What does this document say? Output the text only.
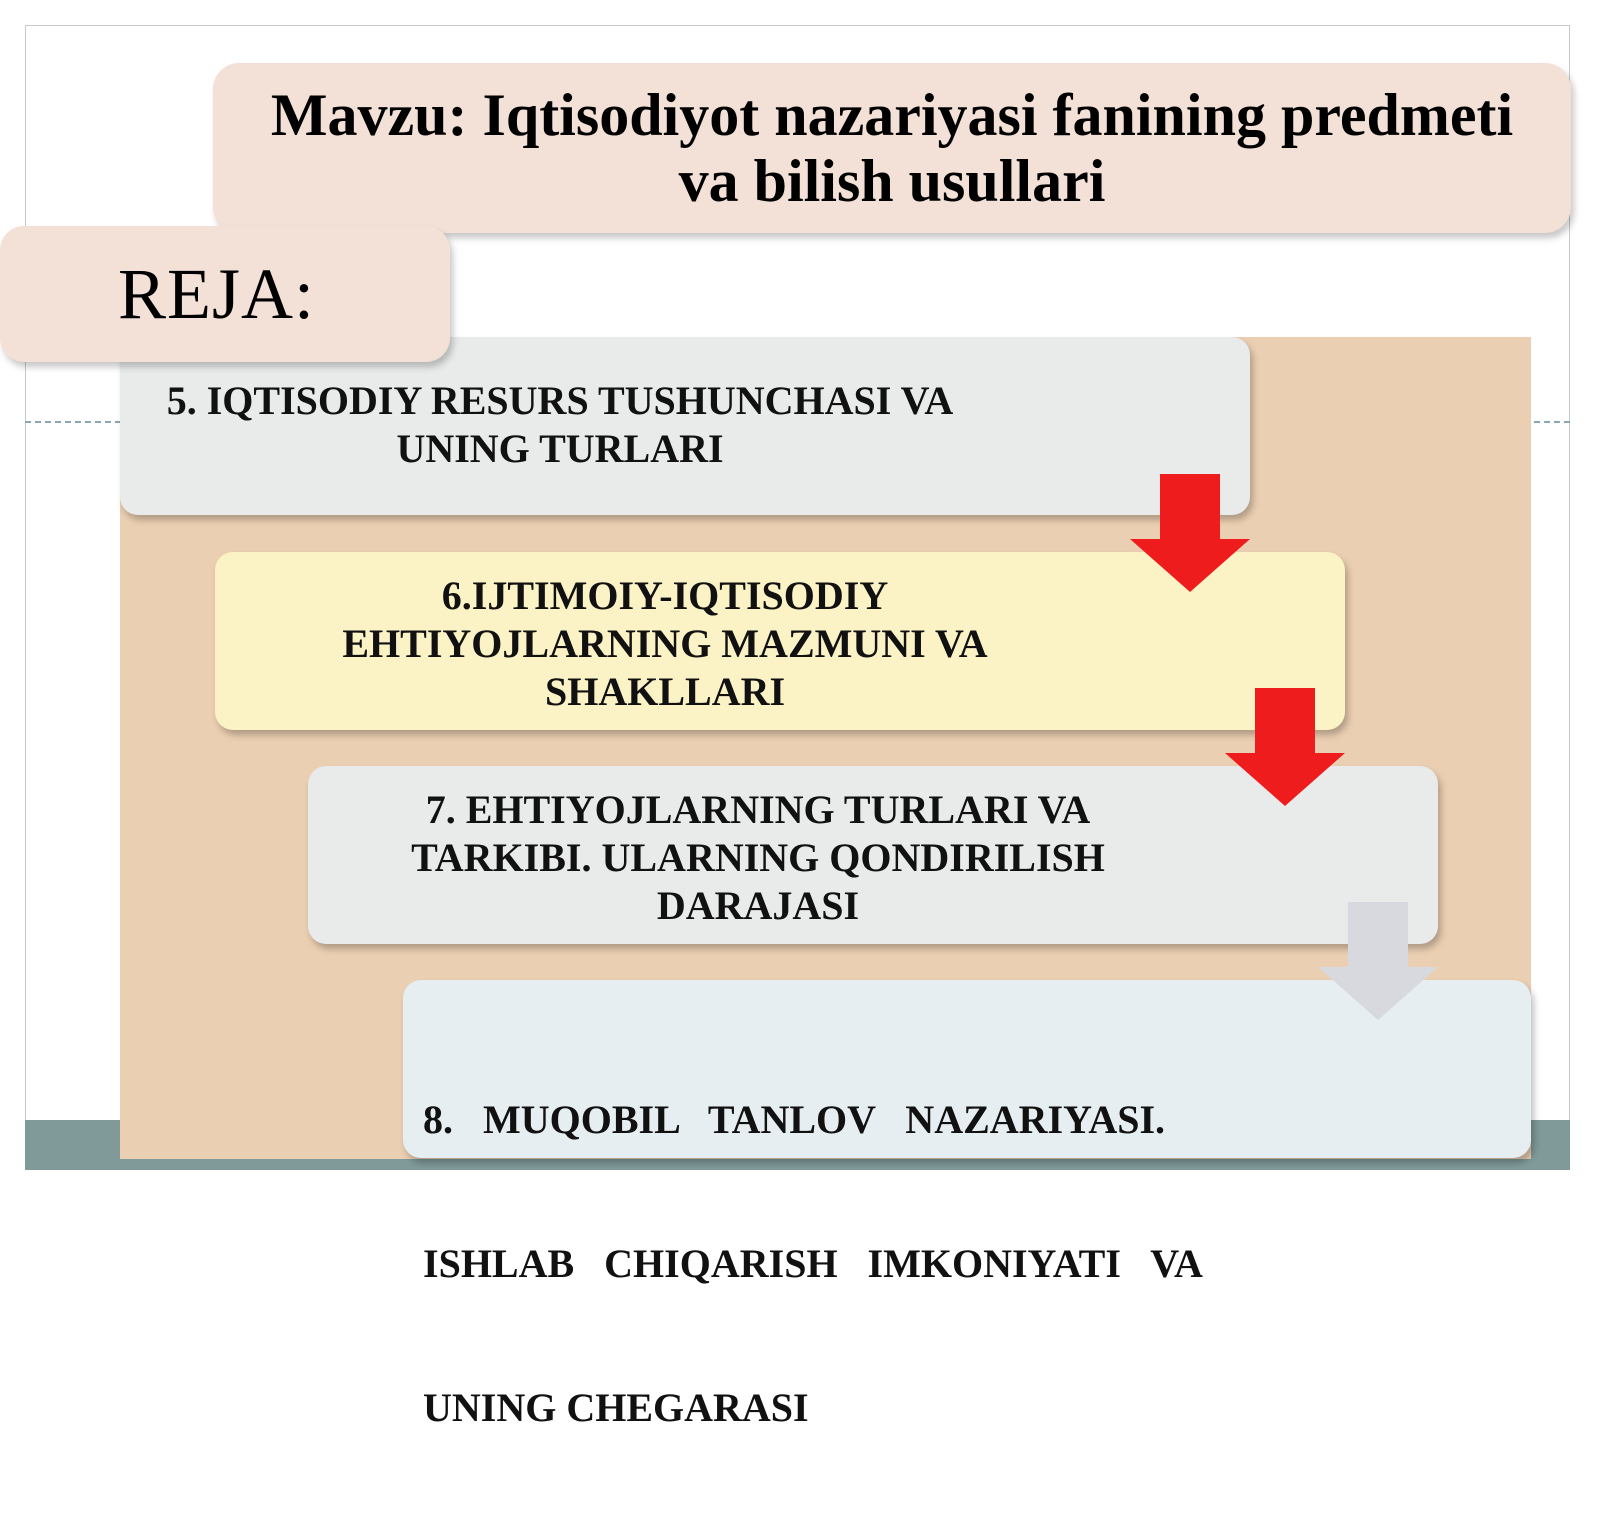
Mavzu: Iqtisodiyot nazariyasi fanining predmeti
va bilish usullari
5. IQTISODIY RESURS TUSHUNCHASI VA
UNING TURLARI
6.IJTIMOIY-IQTISODIY
EHTIYOJLARNING MAZMUNI VA
SHAKLLARI
7. EHTIYOJLARNING TURLARI VA
TARKIBI. ULARNING QONDIRILISH
DARAJASI

8.   MUQOBIL   TANLOV   NAZARIYASI.

ISHLAB   CHIQARISH   IMKONIYATI   VA

UNING CHEGARASI

REJA:
